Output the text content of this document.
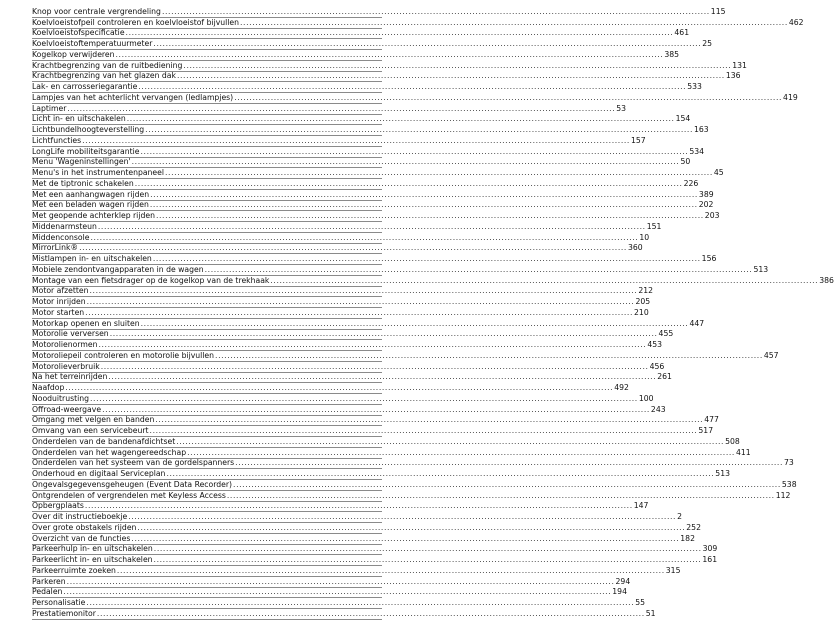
Knop voor centrale vergrendeling .....	115
Koelvloeistofpeil controleren en koelvloeistof bijvullen .....	462
Koelvloeistofspecificatie .....	461
Koelvloeistoftemperatuurmeter .....	25
Kogelkop verwijderen .....	385
Krachtbegrenzing van de ruitbediening .....	131
Krachtbegrenzing van het glazen dak .....	136
Lak- en carrosseriegarantie .....	533
Lampjes van het achterlicht vervangen (ledlampjes) .....	419
Laptimer .....	53
Licht in- en uitschakelen .....	154
Lichtbundelhoogteverstelling .....	163
Lichtfuncties .....	157
LongLife mobiliteitsgarantie .....	534
Menu 'Wageninstellingen' .....	50
Menu's in het instrumentenpaneel .....	45
Met de tiptronic schakelen .....	226
Met een aanhangwagen rijden .....	389
Met een beladen wagen rijden .....	202
Met geopende achterklep rijden .....	203
Middenarmsteun .....	151
Middenconsole .....	10
MirrorLink® .....	360
Mistlampen in- en uitschakelen .....	156
Mobiele zendontvangapparaten in de wagen .....	513
Montage van een fietsdrager op de kogelkop van de trekhaak .....	386
Motor afzetten .....	212
Motor inrijden .....	205
Motor starten .....	210
Motorkap openen en sluiten .....	447
Motorolie verversen .....	455
Motorolienormen .....	453
Motoroliepeil controleren en motorolie bijvullen .....	457
Motorolieverbruik .....	456
Na het terreinrijden .....	261
Naafdop .....	492
Nooduitrusting .....	100
Offroad-weergave .....	243
Omgang met velgen en banden .....	477
Omvang van een servicebeurt .....	517
Onderdelen van de bandenafdichtset .....	508
Onderdelen van het wagengereedschap .....	411
Onderdelen van het systeem van de gordelspanners .....	73
Onderhoud en digitaal Serviceplan .....	513
Ongevalsgegevensgeheugen (Event Data Recorder) .....	538
Ontgrendelen of vergrendelen met Keyless Access .....	112
Opbergplaats .....	147
Over dit instructieboekje .....	2
Over grote obstakels rijden .....	252
Overzicht van de functies .....	182
Parkeerhulp in- en uitschakelen .....	309
Parkeerlicht in- en uitschakelen .....	161
Parkeerruimte zoeken .....	315
Parkeren .....	294
Pedalen .....	194
Personalisatie .....	55
Prestatiemonitor .....	51
